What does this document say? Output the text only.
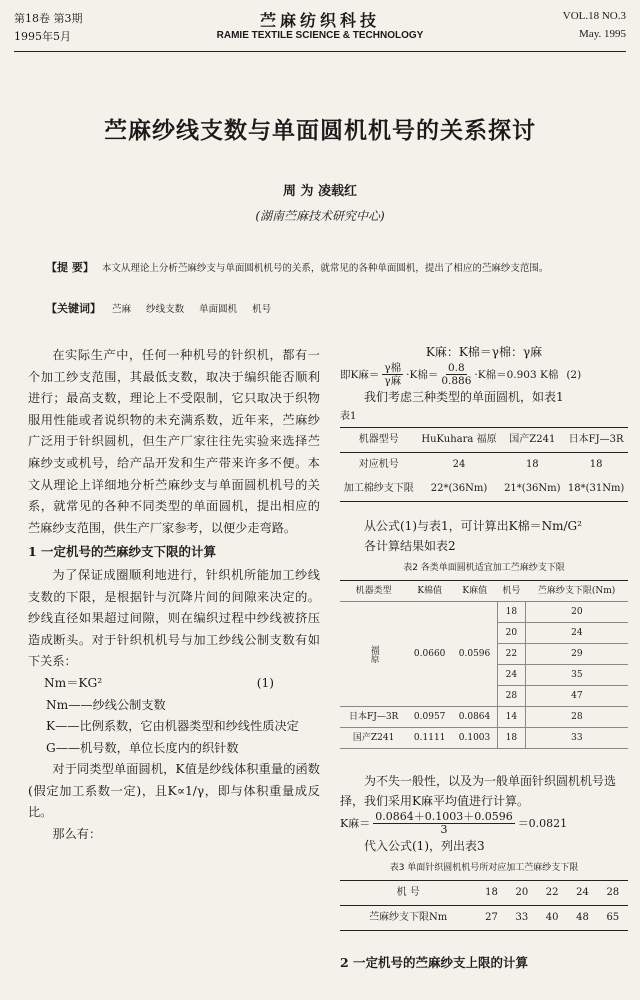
第18卷 第3期
1995年5月
苎麻纺织科技
RAMIE TEXTILE SCIENCE & TECHNOLOGY
VOL.18 NO.3
May. 1995
苎麻纱线支数与单面圆机机号的关系探讨
周 为 凌载红
(湖南苎麻技术研究中心)
【提 要】 本文从理论上分析苎麻纱支与单面圆机机号的关系，就常见的各种单面圆机，提出了相应的苎麻纱支范围。
【关键词】 苎麻 纱线支数 单面圆机 机号

在实际生产中，任何一种机号的针织机，都有一个加工纱支范围，其最低支数，取决于编织能否顺利进行；最高支数，理论上不受限制，它只取决于织物服用性能或者说织物的未充满系数，近年来，苎麻纱广泛用于针织圆机，但生产厂家往往先实验来选择苎麻纱支或机号，给产品开发和生产带来许多不便。本文从理论上详细地分析苎麻纱支与单面圆机机号的关系，就常见的各种不同类型的单面圆机，提出相应的苎麻纱支范围，供生产厂家参考，以便少走弯路。

1 一定机号的苎麻纱支下限的计算

为了保证成圈顺利地进行，针织机所能加工纱线支数的下限，是根据针与沉降片间的间隙来决定的。纱线直径如果超过间隙，则在编织过程中纱线被挤压造成断头。对于针织机机号与加工纱线公制支数有如下关系：

Nm＝KG²	(1)
Nm——纱线公制支数
K——比例系数，它由机器类型和纱线性质决定
G——机号数，单位长度内的织针数

对于同类型单面圆机，K值是纱线体积重量的函数(假定加工系数一定)，且K∝1/γ，即与体积重量成反比。

那么有：

K麻：K棉＝γ棉：γ麻
即K麻＝ $\frac{\text{γ棉}}{\text{γ麻}} \cdot K$棉＝ $\frac{0.8}{0.886} \cdot K$棉＝0.903 K棉 (2)

我们考虑三种类型的单面圆机，如表1

表1
机器型号	HuKuhara 福原	国产Z241	日本FJ—3R
对应机号	24	18	18
加工棉纱支下限	22*(36Nm)	21*(36Nm)	18*(31Nm)

从公式(1)与表1，可计算出K棉＝Nm/G²

各计算结果如表2

表2 各类单面圆机适宜加工苎麻纱支下限
机器类型	K棉值	K麻值	机号	苎麻纱支下限(Nm)
福原	0.0660	0.0596	18	20
			20	24
			22	29
			24	35
			28	47
日本FJ—3R	0.0957	0.0864	14	28
国产Z241	0.1111	0.1003	18	33

为不失一般性，以及为一般单面针织圆机机号选择，我们采用K麻平均值进行计算。

K麻＝ $\frac{0.0864+0.1003+0.0596}{3} =0.0821$

代入公式(1)，列出表3

表3 单面针织圆机机号所对应加工苎麻纱支下限
机 号	18	20	22	24	28
苎麻纱支下限Nm	27	33	40	48	65
2 一定机号的苎麻纱支上限的计算
